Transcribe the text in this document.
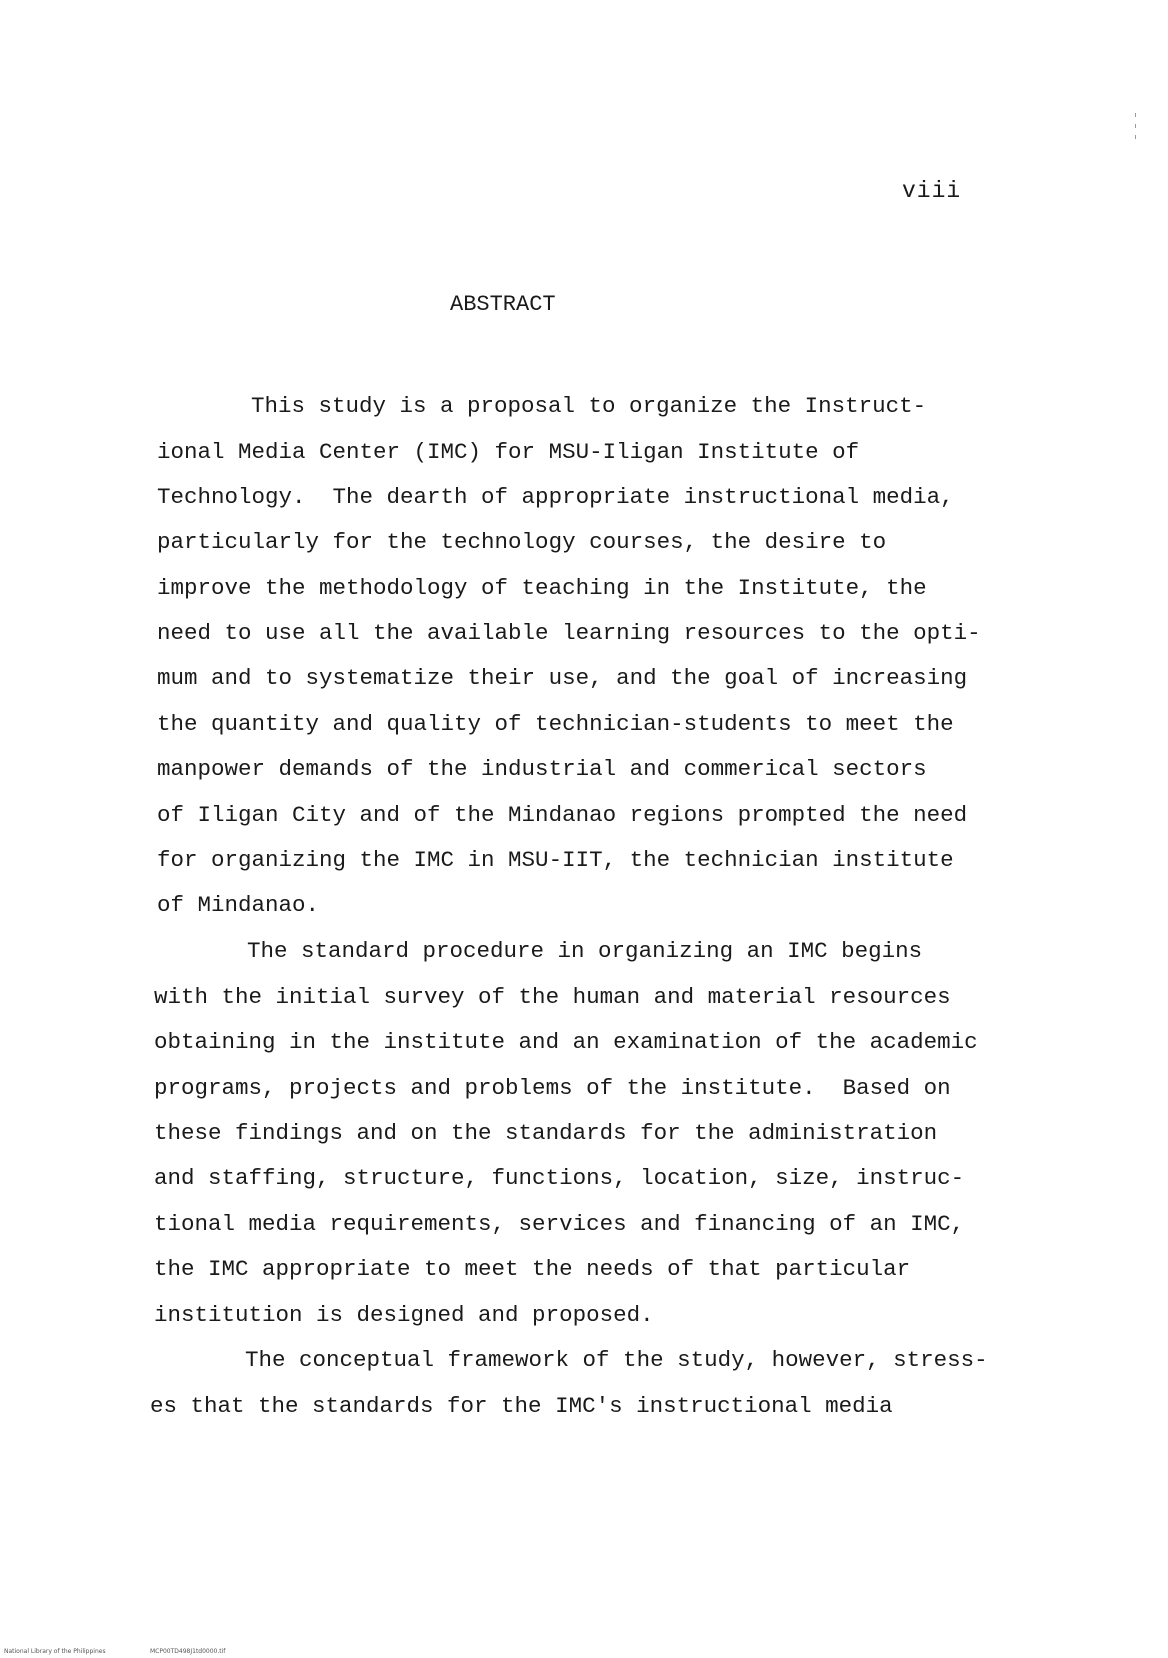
viii
ABSTRACT
This study is a proposal to organize the Instruct-
ional Media Center (IMC) for MSU-Iligan Institute of
Technology.  The dearth of appropriate instructional media,
particularly for the technology courses, the desire to
improve the methodology of teaching in the Institute, the
need to use all the available learning resources to the opti-
mum and to systematize their use, and the goal of increasing
the quantity and quality of technician-students to meet the
manpower demands of the industrial and commerical sectors
of Iligan City and of the Mindanao regions prompted the need
for organizing the IMC in MSU-IIT, the technician institute
of Mindanao.
The standard procedure in organizing an IMC begins
with the initial survey of the human and material resources
obtaining in the institute and an examination of the academic
programs, projects and problems of the institute.  Based on
these findings and on the standards for the administration
and staffing, structure, functions, location, size, instruc-
tional media requirements, services and financing of an IMC,
the IMC appropriate to meet the needs of that particular
institution is designed and proposed.
The conceptual framework of the study, however, stress-
es that the standards for the IMC's instructional media
National Library of the Philippines	MCP00TD498J1td0000.tif
